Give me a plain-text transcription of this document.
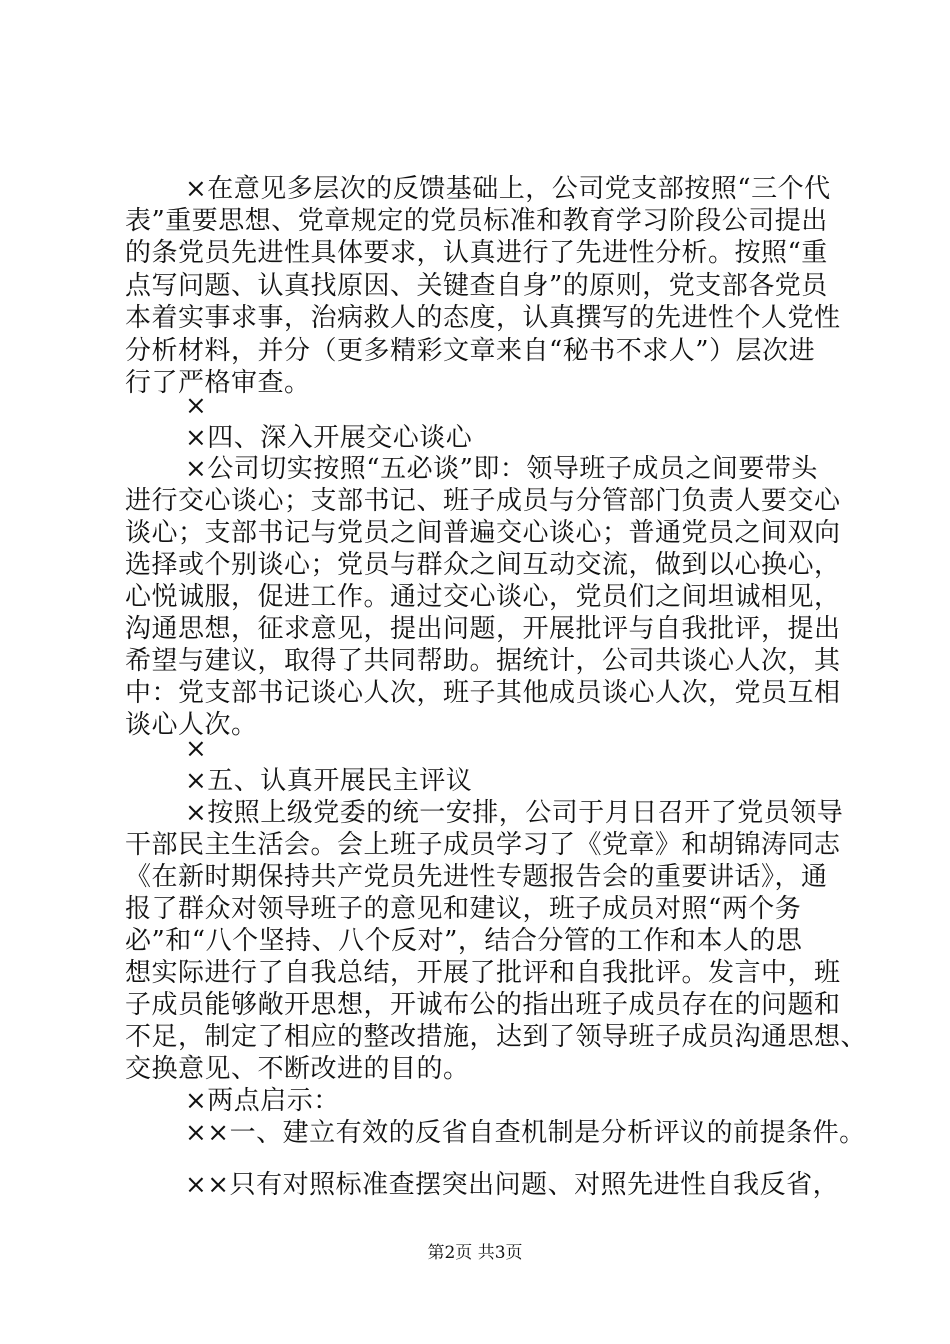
×在意见多层次的反馈基础上，公司党支部按照“三个代
表”重要思想、党章规定的党员标准和教育学习阶段公司提出
的条党员先进性具体要求，认真进行了先进性分析。按照“重
点写问题、认真找原因、关键查自身”的原则，党支部各党员
本着实事求事，治病救人的态度，认真撰写的先进性个人党性
分析材料，并分（更多精彩文章来自“秘书不求人”）层次进
行了严格审查。
×
×四、深入开展交心谈心
×公司切实按照“五必谈”即：领导班子成员之间要带头
进行交心谈心；支部书记、班子成员与分管部门负责人要交心
谈心；支部书记与党员之间普遍交心谈心；普通党员之间双向
选择或个别谈心；党员与群众之间互动交流，做到以心换心，
心悦诚服，促进工作。通过交心谈心，党员们之间坦诚相见，
沟通思想，征求意见，提出问题，开展批评与自我批评，提出
希望与建议，取得了共同帮助。据统计，公司共谈心人次，其
中：党支部书记谈心人次，班子其他成员谈心人次，党员互相
谈心人次。
×
×五、认真开展民主评议
×按照上级党委的统一安排，公司于月日召开了党员领导
干部民主生活会。会上班子成员学习了《党章》和胡锦涛同志
《在新时期保持共产党员先进性专题报告会的重要讲话》，通
报了群众对领导班子的意见和建议，班子成员对照“两个务
必”和“八个坚持、八个反对”，结合分管的工作和本人的思
想实际进行了自我总结，开展了批评和自我批评。发言中，班
子成员能够敞开思想，开诚布公的指出班子成员存在的问题和
不足，制定了相应的整改措施，达到了领导班子成员沟通思想、
交换意见、不断改进的目的。
×两点启示：
××一、建立有效的反省自查机制是分析评议的前提条件。
××只有对照标准查摆突出问题、对照先进性自我反省，
第2页 共3页
